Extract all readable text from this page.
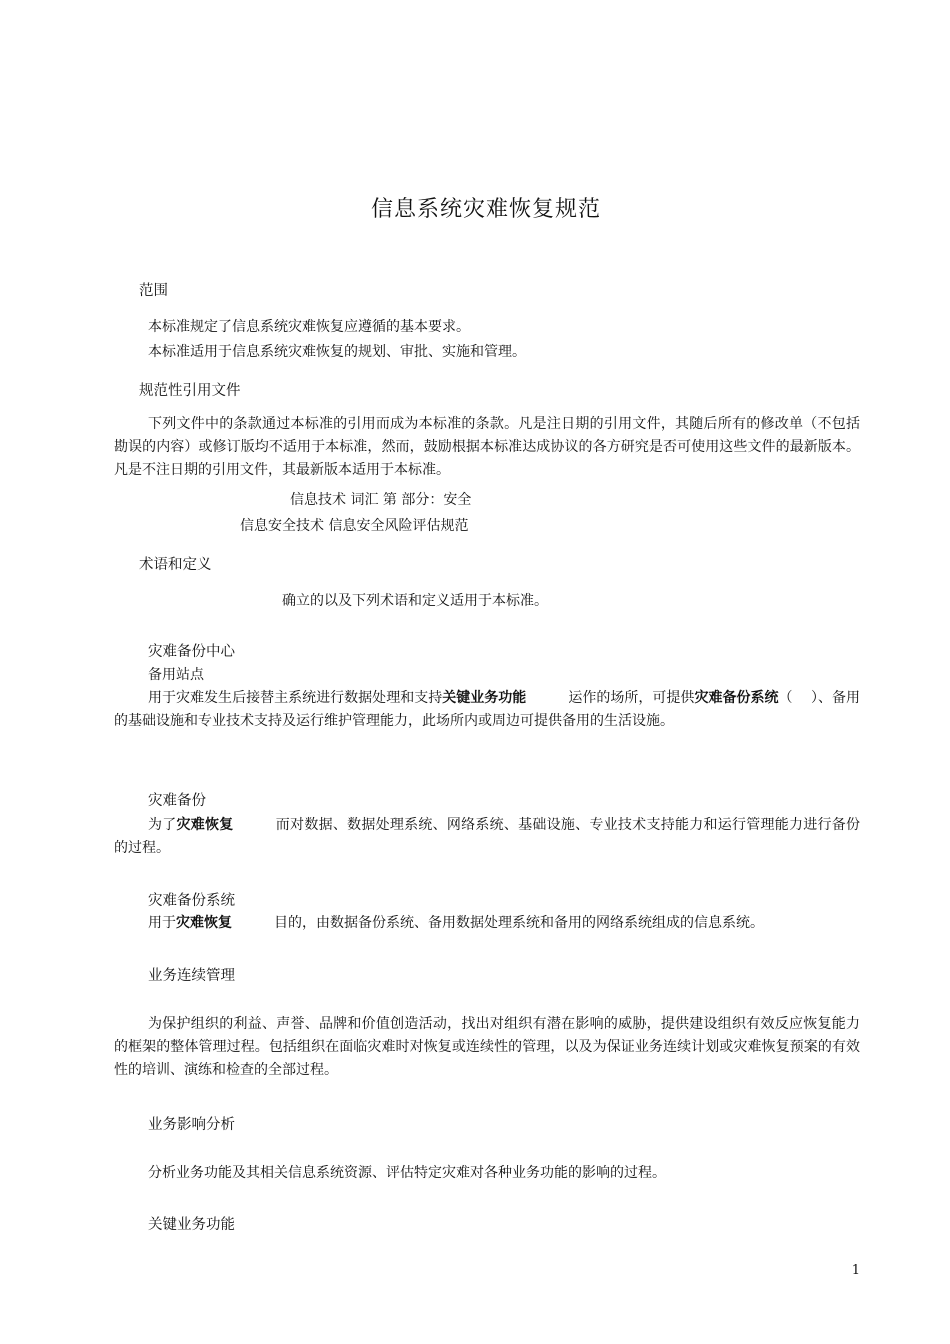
信息系统灾难恢复规范
范围
本标准规定了信息系统灾难恢复应遵循的基本要求。
本标准适用于信息系统灾难恢复的规划、审批、实施和管理。
规范性引用文件
下列文件中的条款通过本标准的引用而成为本标准的条款。凡是注日期的引用文件，其随后所有的修改单（不包括勘误的内容）或修订版均不适用于本标准，然而，鼓励根据本标准达成协议的各方研究是否可使用这些文件的最新版本。凡是不注日期的引用文件，其最新版本适用于本标准。
信息技术 词汇 第 部分：安全
信息安全技术 信息安全风险评估规范
术语和定义
确立的以及下列术语和定义适用于本标准。
灾难备份中心
备用站点
用于灾难发生后接替主系统进行数据处理和支持关键业务功能	运作的场所，可提供灾难备份系统（　 ）、备用的基础设施和专业技术支持及运行维护管理能力，此场所内或周边可提供备用的生活设施。
灾难备份
为了灾难恢复	而对数据、数据处理系统、网络系统、基础设施、专业技术支持能力和运行管理能力进行备份的过程。
灾难备份系统
用于灾难恢复	目的，由数据备份系统、备用数据处理系统和备用的网络系统组成的信息系统。
业务连续管理
为保护组织的利益、声誉、品牌和价值创造活动，找出对组织有潜在影响的威胁，提供建设组织有效反应恢复能力的框架的整体管理过程。包括组织在面临灾难时对恢复或连续性的管理，以及为保证业务连续计划或灾难恢复预案的有效性的培训、演练和检查的全部过程。
业务影响分析
分析业务功能及其相关信息系统资源、评估特定灾难对各种业务功能的影响的过程。
关键业务功能
1
